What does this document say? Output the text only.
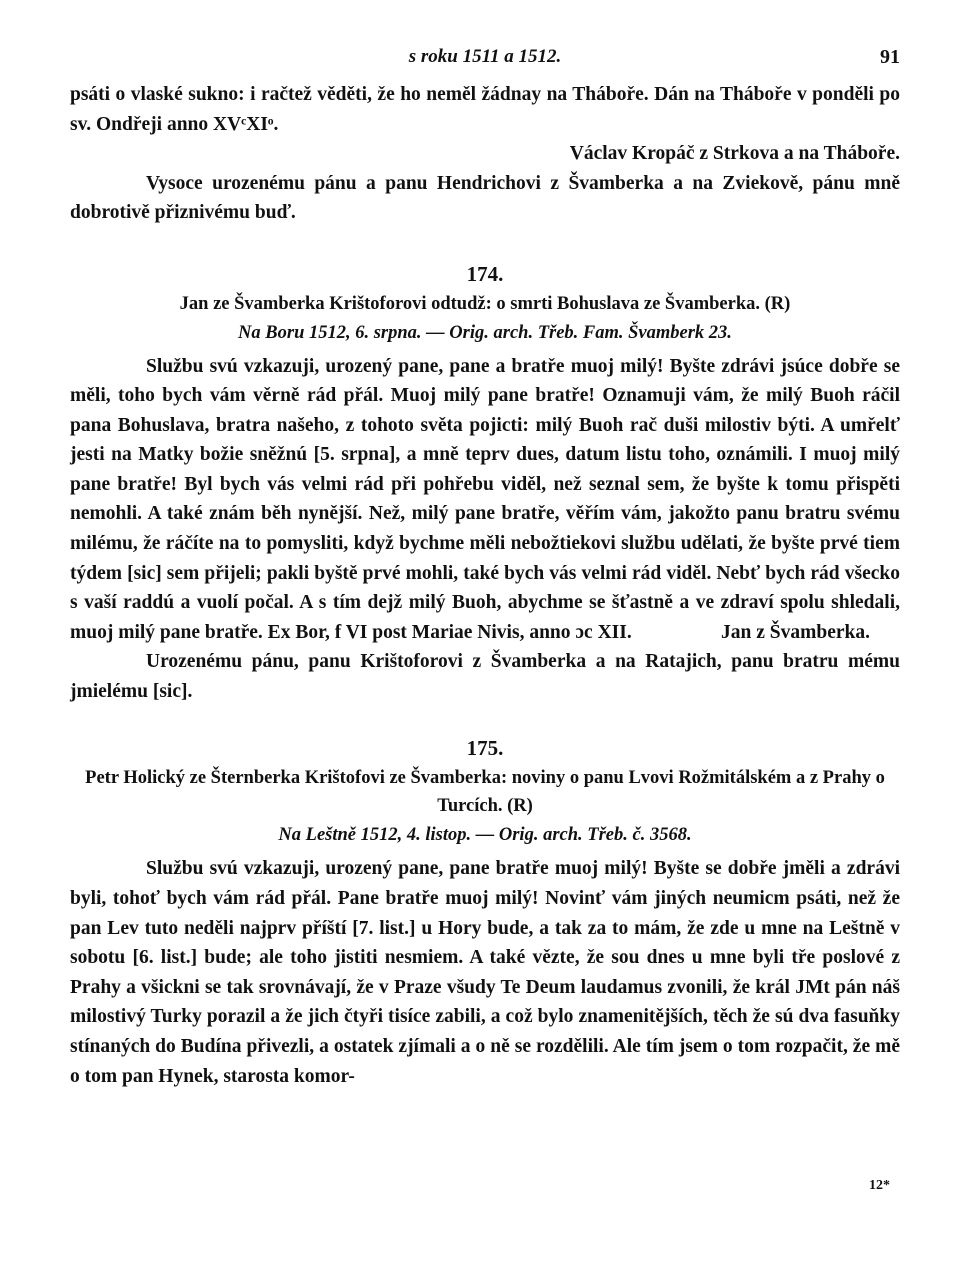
s roku 1511 a 1512.	91

psáti o vlaské sukno: i račtež věděti, že ho neměl žádnay na Tháboře. Dán na Tháboře v ponděli po sv. Ondřeji anno XVᶜXIᵒ.

Václav Kropáč z Strkova a na Tháboře.

Vysoce urozenému pánu a panu Hendrichovi z Švamberka a na Zviekově, pánu mně dobrotivě přiznivému buď.

174.
Jan ze Švamberka Krištoforovi odtudž: o smrti Bohuslava ze Švamberka. (R)
Na Boru 1512, 6. srpna. — Orig. arch. Třeb. Fam. Švamberk 23.

Službu svú vzkazuji, urozený pane, pane a bratře muoj milý! Byšte zdrávi jsúce dobře se měli, toho bych vám věrně rád přál. Muoj milý pane bratře! Oznamuji vám, že milý Buoh ráčil pana Bohuslava, bratra našeho, z tohoto světa pojicti: milý Buoh rač duši milostiv býti. A umřelť jesti na Matky božie sněžnú [5. srpna], a mně teprv dues, datum listu toho, oznámili. I muoj milý pane bratře! Byl bych vás velmi rád při pohřebu viděl, než seznal sem, že byšte k tomu přispěti nemohli. A také znám běh nynější. Než, milý pane bratře, věřím vám, jakožto panu bratru svému milému, že ráčíte na to pomysliti, když bychme měli nebožtiekovi službu udělati, že byšte prvé tiem týdem [sic] sem přijeli; pakli byště prvé mohli, také bych vás velmi rád viděl. Nebť bych rád všecko s vaší raddú a vuolí počal. A s tím dejž milý Buoh, abychme se šťastně a ve zdraví spolu shledali, muoj milý pane bratře. Ex Bor, f VI post Mariae Nivis, anno ɔc XII.	Jan z Švamberka.

Urozenému pánu, panu Krištoforovi z Švamberka a na Ratajich, panu bratru mému jmielému [sic].

175.
Petr Holický ze Šternberka Krištofovi ze Švamberka: noviny o panu Lvovi Rožmitálském a z Prahy o Turcích. (R)
Na Leštně 1512, 4. listop. — Orig. arch. Třeb. č. 3568.

Službu svú vzkazuji, urozený pane, pane bratře muoj milý! Byšte se dobře jměli a zdrávi byli, tohoť bych vám rád přál. Pane bratře muoj milý! Novinť vám jiných neumicm psáti, než že pan Lev tuto neděli najprv příští [7. list.] u Hory bude, a tak za to mám, že zde u mne na Leštně v sobotu [6. list.] bude; ale toho jistiti nesmiem. A také vězte, že sou dnes u mne byli tře poslové z Prahy a všickni se tak srovnávají, že v Praze všudy Te Deum laudamus zvonili, že král JMt pán náš milostivý Turky porazil a že jich čtyři tisíce zabili, a což bylo znamenitějších, těch že sú dva fasuňky stínaných do Budína přivezli, a ostatek zjímali a o ně se rozdělili. Ale tím jsem o tom rozpačit, že mě o tom pan Hynek, starosta komor-

12*
